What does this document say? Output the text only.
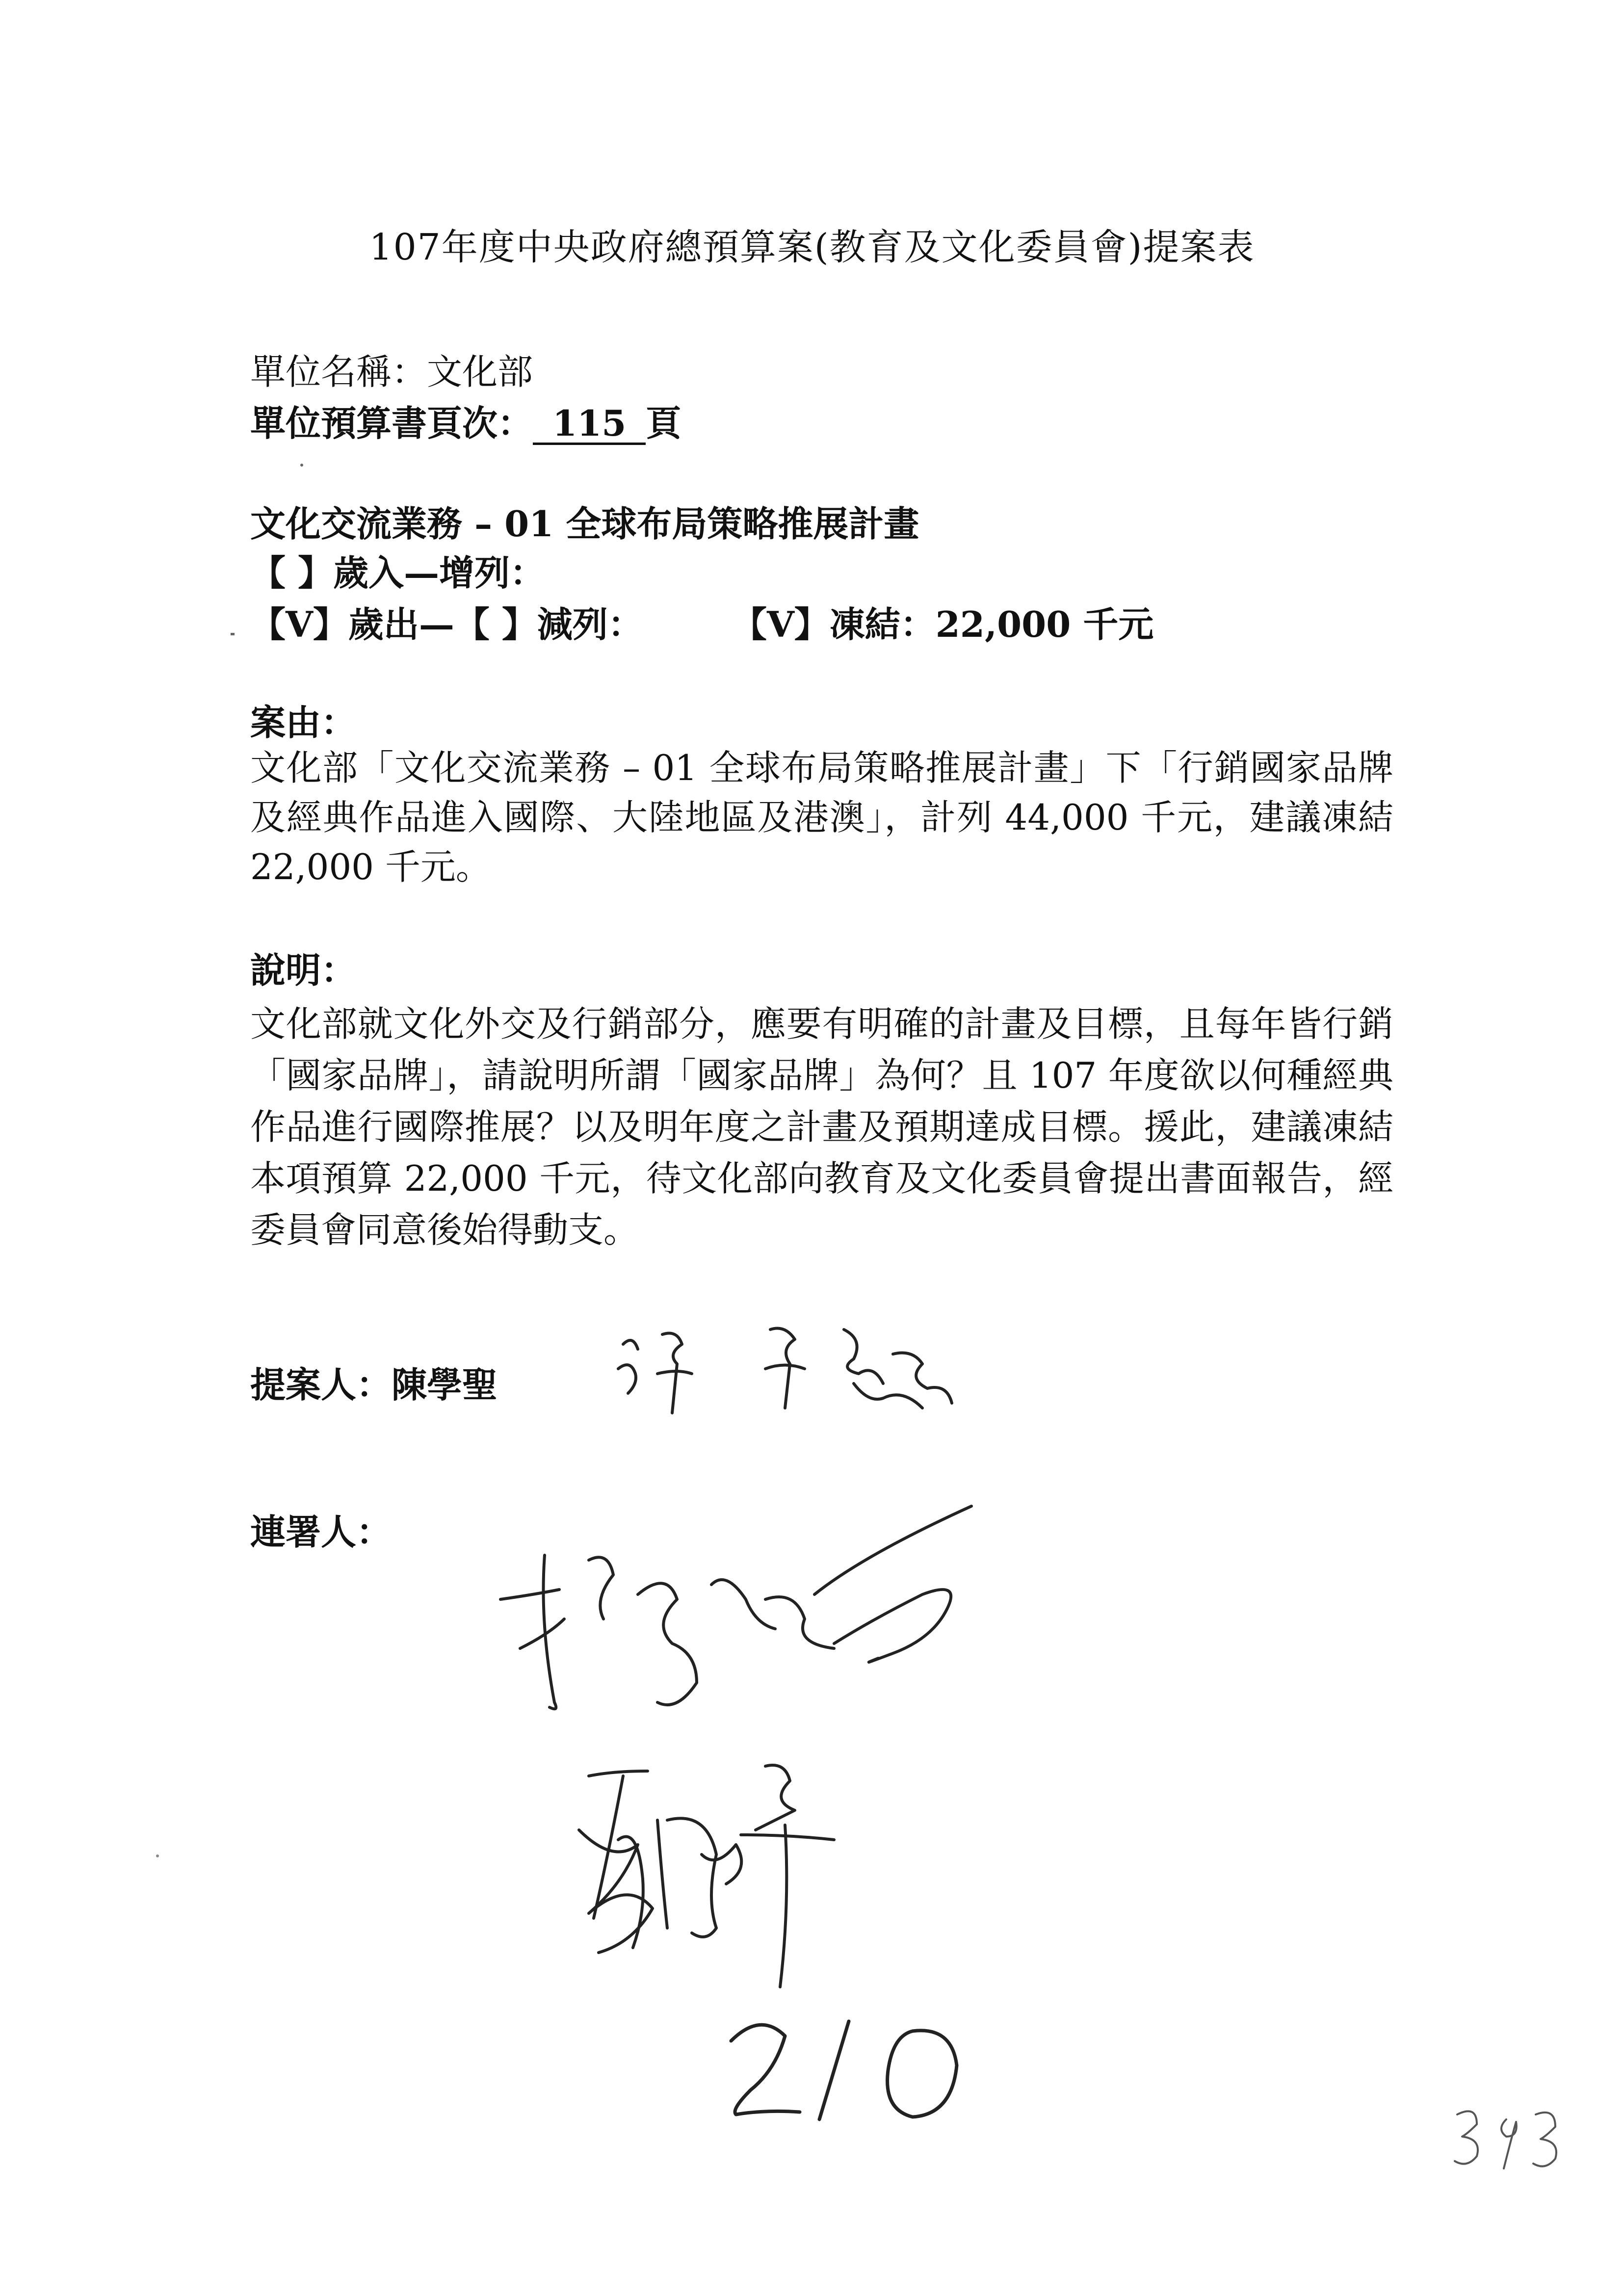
107年度中央政府總預算案(教育及文化委員會)提案表
單位名稱：文化部
單位預算書頁次： 115 頁
文化交流業務 – 01 全球布局策略推展計畫
【 】歲入—增列：
【V】歲出—【 】減列：	【V】凍結：22,000 千元
案由：
文化部「文化交流業務 – 01 全球布局策略推展計畫」下「行銷國家品牌及經典作品進入國際、大陸地區及港澳」，計列 44,000 千元，建議凍結 22,000 千元。
說明：
文化部就文化外交及行銷部分，應要有明確的計畫及目標，且每年皆行銷「國家品牌」，請說明所謂「國家品牌」為何？且 107 年度欲以何種經典作品進行國際推展？以及明年度之計畫及預期達成目標。援此，建議凍結本項預算 22,000 千元，待文化部向教育及文化委員會提出書面報告，經委員會同意後始得動支。
提案人：陳學聖
連署人：
